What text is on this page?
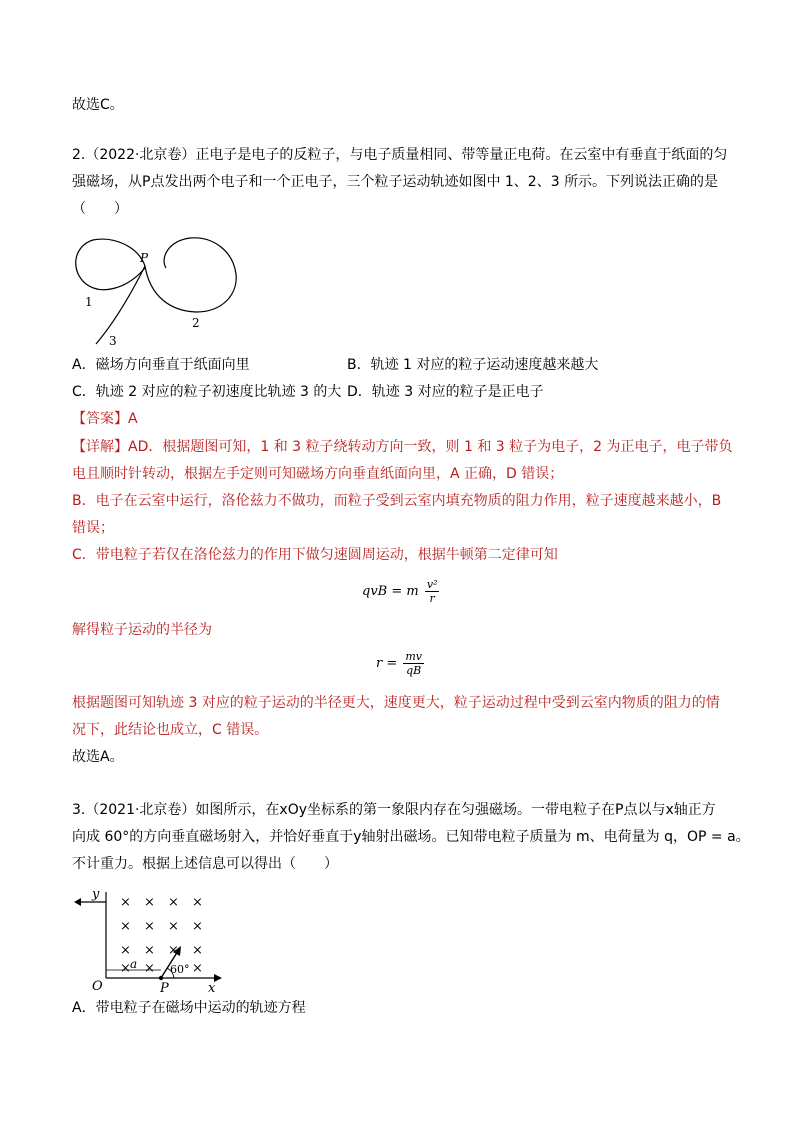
故选C。
2.（2022·北京卷）正电子是电子的反粒子，与电子质量相同、带等量正电荷。在云室中有垂直于纸面的匀
强磁场，从P点发出两个电子和一个正电子，三个粒子运动轨迹如图中 1、2、3 所示。下列说法正确的是
（　　）
P
1
2
3
A．磁场方向垂直于纸面向里	B．轨迹 1 对应的粒子运动速度越来越大
C．轨迹 2 对应的粒子初速度比轨迹 3 的大 D．轨迹 3 对应的粒子是正电子
【答案】A
【详解】AD．根据题图可知，1 和 3 粒子绕转动方向一致，则 1 和 3 粒子为电子，2 为正电子，电子带负
电且顺时针转动，根据左手定则可知磁场方向垂直纸面向里，A 正确，D 错误；
B．电子在云室中运行，洛伦兹力不做功，而粒子受到云室内填充物质的阻力作用，粒子速度越来越小，B
错误；
C．带电粒子若仅在洛伦兹力的作用下做匀速圆周运动，根据牛顿第二定律可知
qvB = m $\frac{\text{v²}}{r}$
解得粒子运动的半径为
$r = \frac{mv}{qB}$
根据题图可知轨迹 3 对应的粒子运动的半径更大，速度更大，粒子运动过程中受到云室内物质的阻力的情
况下，此结论也成立，C 错误。
故选A。
3.（2021·北京卷）如图所示，在xOy坐标系的第一象限内存在匀强磁场。一带电粒子在P点以与x轴正方
向成 60°的方向垂直磁场射入，并恰好垂直于y轴射出磁场。已知带电粒子质量为 m、电荷量为 q，OP = a。
不计重力。根据上述信息可以得出（　　）
× × × ×
× × × ×
× × × ×
× ×	×
y
x
O
a
P
60°
A．带电粒子在磁场中运动的轨迹方程
